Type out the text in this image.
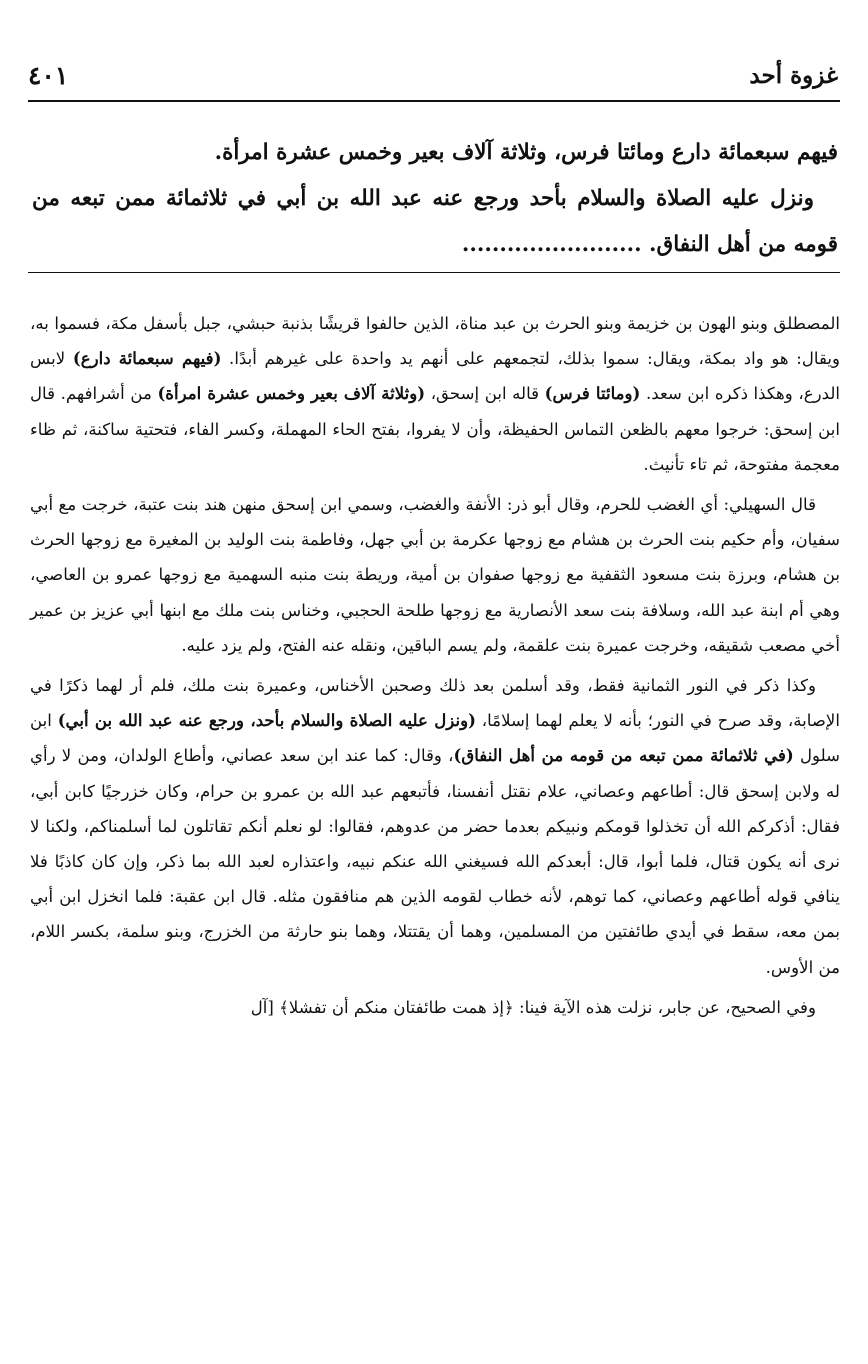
غزوة أحد
٤٠١

فيهم سبعمائة دارع ومائتا فرس، وثلاثة آلاف بعير وخمس عشرة امرأة.

ونزل عليه الصلاة والسلام بأحد ورجع عنه عبد الله بن أبي في ثلاثمائة ممن تبعه من قومه من أهل النفاق. ........................

المصطلق وبنو الهون بن خزيمة وبنو الحرث بن عبد مناة، الذين حالفوا قريشًا بذنبة حبشي، جبل بأسفل مكة، فسموا به، ويقال: هو واد بمكة، ويقال: سموا بذلك، لتجمعهم على أنهم يد واحدة على غيرهم أبدًا. (فيهم سبعمائة دارع) لابس الدرع، وهكذا ذكره ابن سعد. (ومائتا فرس) قاله ابن إسحق، (وثلاثة آلاف بعير وخمس عشرة امرأة) من أشرافهم. قال ابن إسحق: خرجوا معهم بالظعن التماس الحفيظة، وأن لا يفروا، بفتح الحاء المهملة، وكسر الفاء، فتحتية ساكنة، ثم ظاء معجمة مفتوحة، ثم تاء تأنيث.

قال السهيلي: أي الغضب للحرم، وقال أبو ذر: الأنفة والغضب، وسمي ابن إسحق منهن هند بنت عتبة، خرجت مع أبي سفيان، وأم حكيم بنت الحرث بن هشام مع زوجها عكرمة بن أبي جهل، وفاطمة بنت الوليد بن المغيرة مع زوجها الحرث بن هشام، وبرزة بنت مسعود الثقفية مع زوجها صفوان بن أمية، وريطة بنت منبه السهمية مع زوجها عمرو بن العاصي، وهي أم ابنة عبد الله، وسلافة بنت سعد الأنصارية مع زوجها طلحة الحجبي، وخناس بنت ملك مع ابنها أبي عزيز بن عمير أخي مصعب شقيقه، وخرجت عميرة بنت علقمة، ولم يسم الباقين، ونقله عنه الفتح، ولم يزد عليه.

وكذا ذكر في النور الثمانية فقط، وقد أسلمن بعد ذلك وصحبن الأخناس، وعميرة بنت ملك، فلم أر لهما ذكرًا في الإصابة، وقد صرح في النور؛ بأنه لا يعلم لهما إسلامًا، (ونزل عليه الصلاة والسلام بأحد، ورجع عنه عبد الله بن أبي) ابن سلول (في ثلاثمائة ممن تبعه من قومه من أهل النفاق)، وقال: كما عند ابن سعد عصاني، وأطاع الولدان، ومن لا رأي له ولابن إسحق قال: أطاعهم وعصاني، علام نقتل أنفسنا، فأتبعهم عبد الله بن عمرو بن حرام، وكان خزرجيًا كابن أبي، فقال: أذكركم الله أن تخذلوا قومكم ونبيكم بعدما حضر من عدوهم، فقالوا: لو نعلم أنكم تقاتلون لما أسلمناكم، ولكنا لا نرى أنه يكون قتال، فلما أبوا، قال: أبعدكم الله فسيغني الله عنكم نبيه، واعتذاره لعبد الله بما ذكر، وإن كان كاذبًا فلا ينافي قوله أطاعهم وعصاني، كما توهم، لأنه خطاب لقومه الذين هم منافقون مثله. قال ابن عقبة: فلما انخزل ابن أبي بمن معه، سقط في أيدي طائفتين من المسلمين، وهما أن يقتتلا، وهما بنو حارثة من الخزرج، وبنو سلمة، بكسر اللام، من الأوس.

وفي الصحيح، عن جابر، نزلت هذه الآية فينا: ﴿إذ همت طائفتان منكم أن تفشلا﴾ [آل
